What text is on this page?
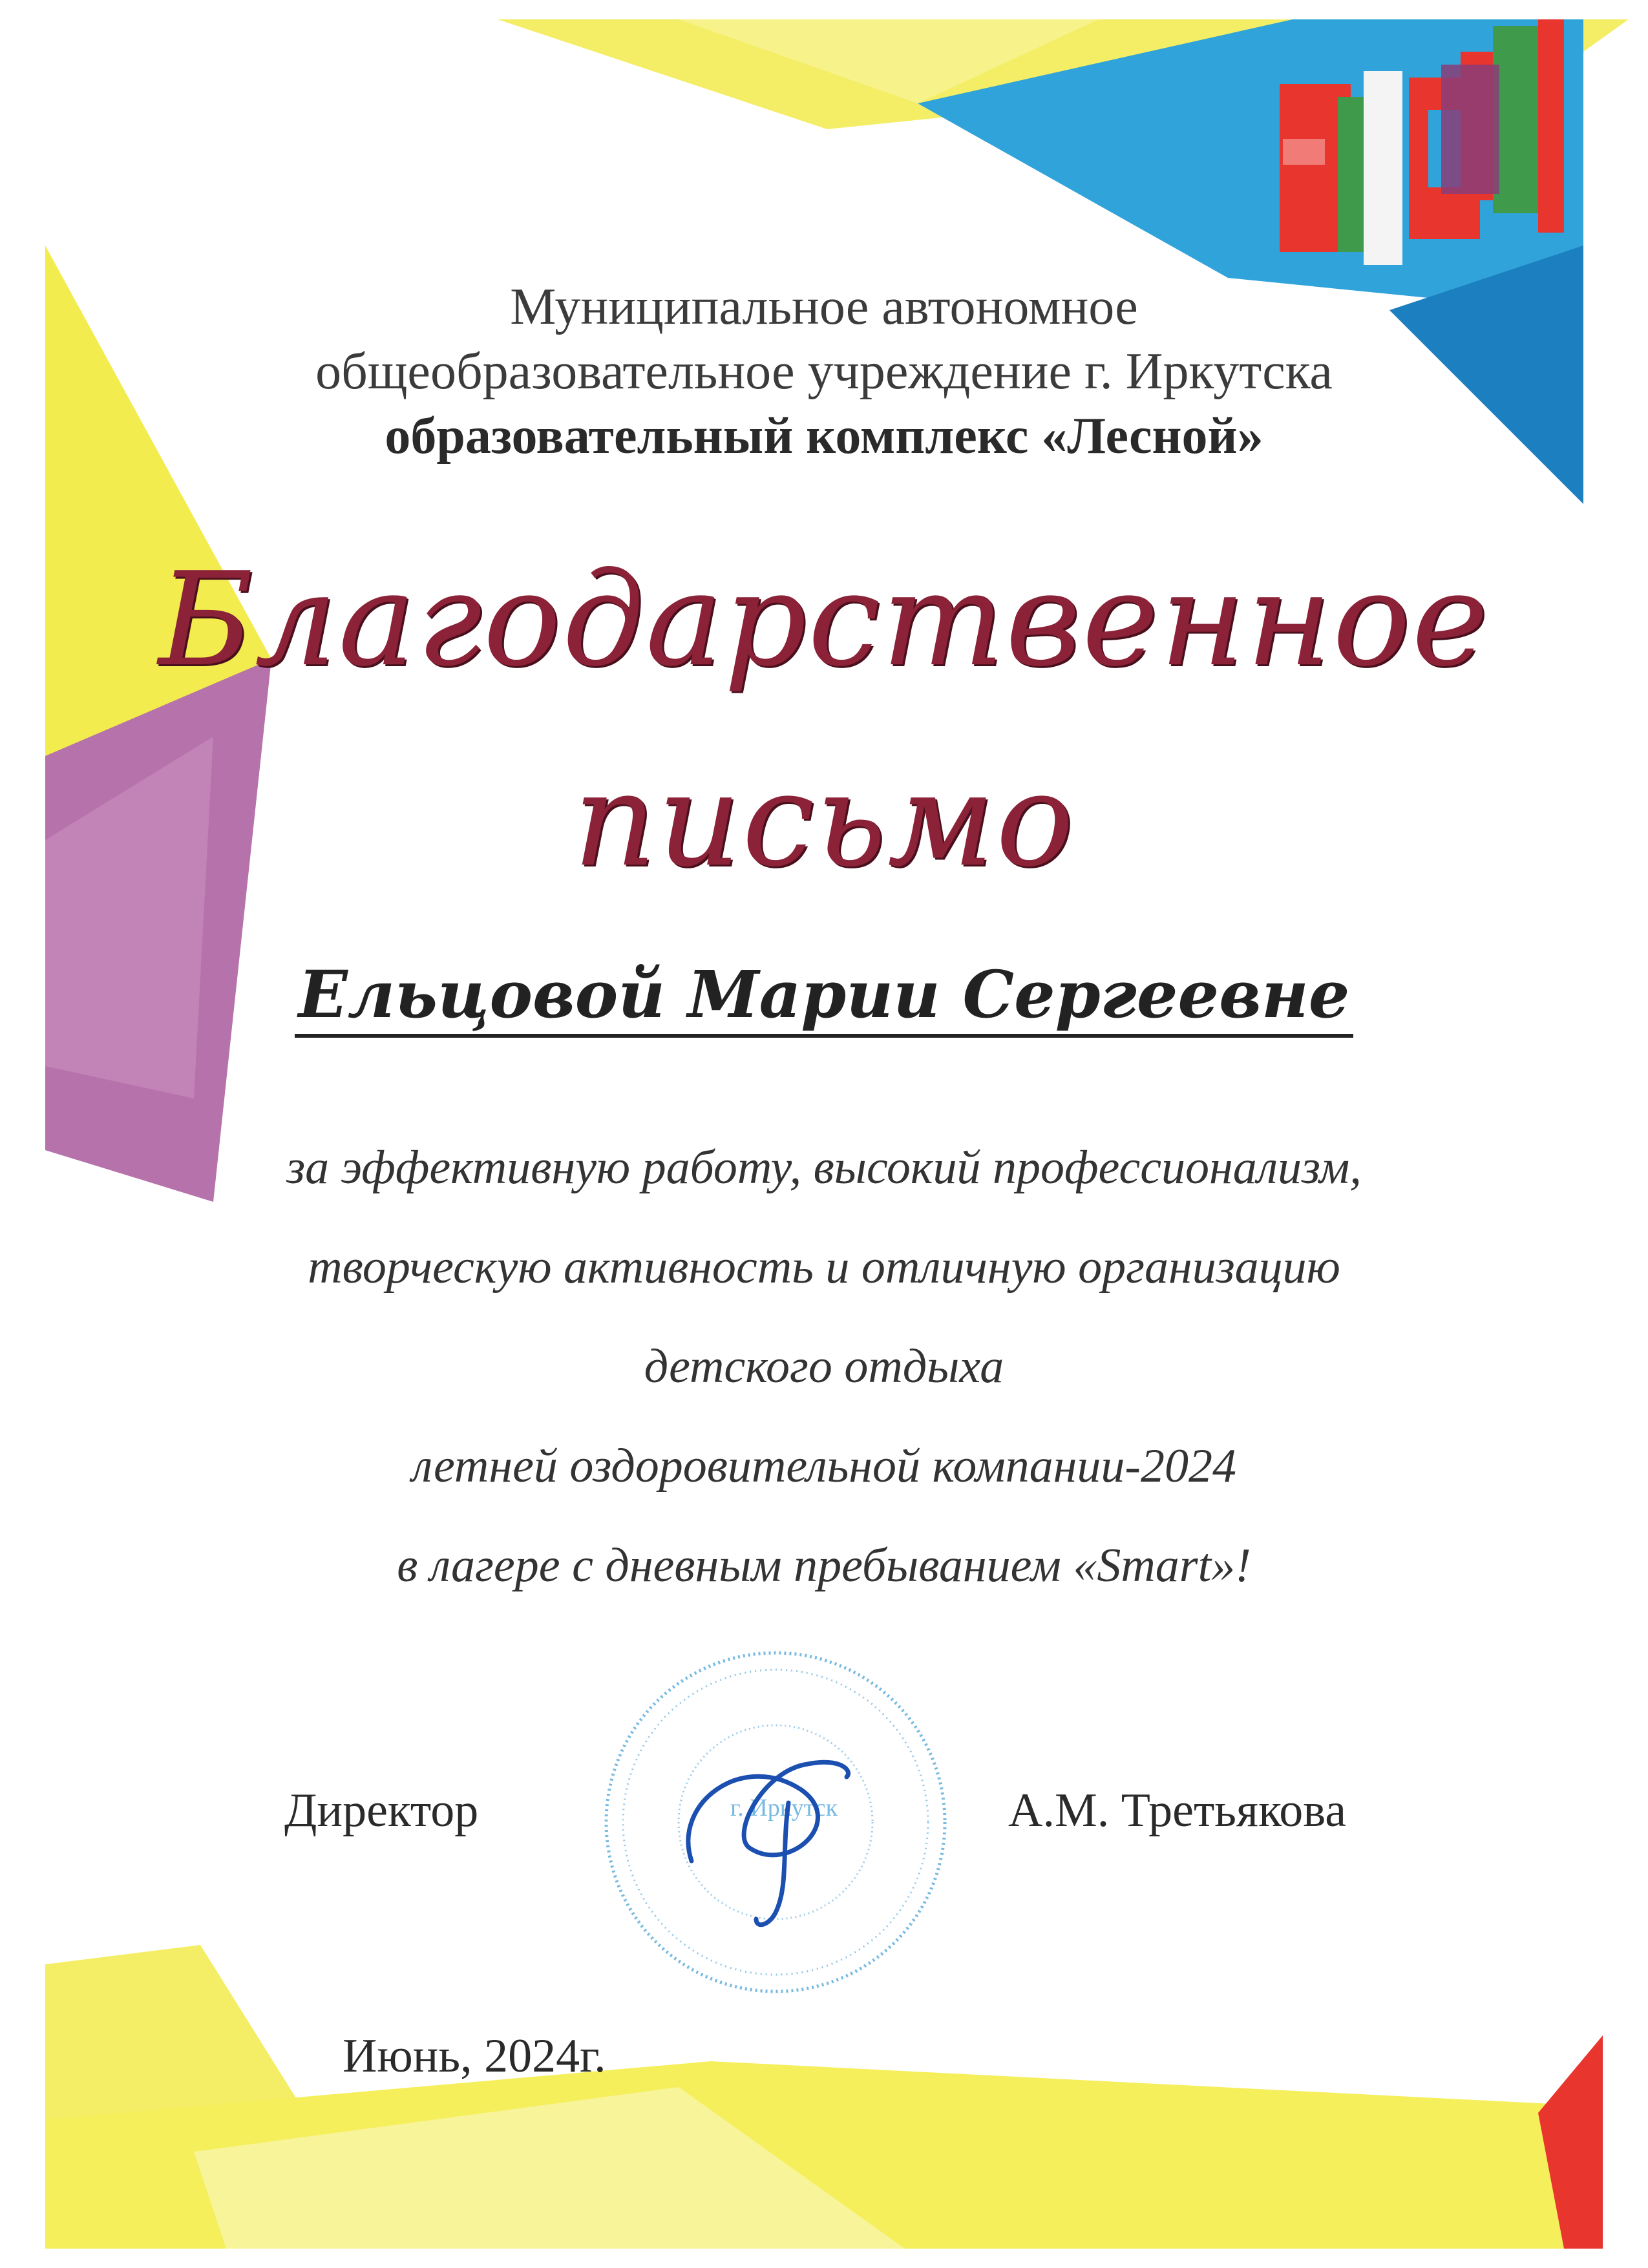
Муниципальное автономное
общеобразовательное учреждение г. Иркутска
образовательный комплекс «Лесной»
Благодарственное
письмо
Ельцовой Марии Сергеевне
за эффективную работу, высокий профессионализм,
творческую активность и отличную организацию
детского отдыха
летней оздоровительной компании-2024
в лагере с дневным пребыванием «Smart»!
г. Иркутск
Директор	А.М. Третьякова
Июнь, 2024г.
